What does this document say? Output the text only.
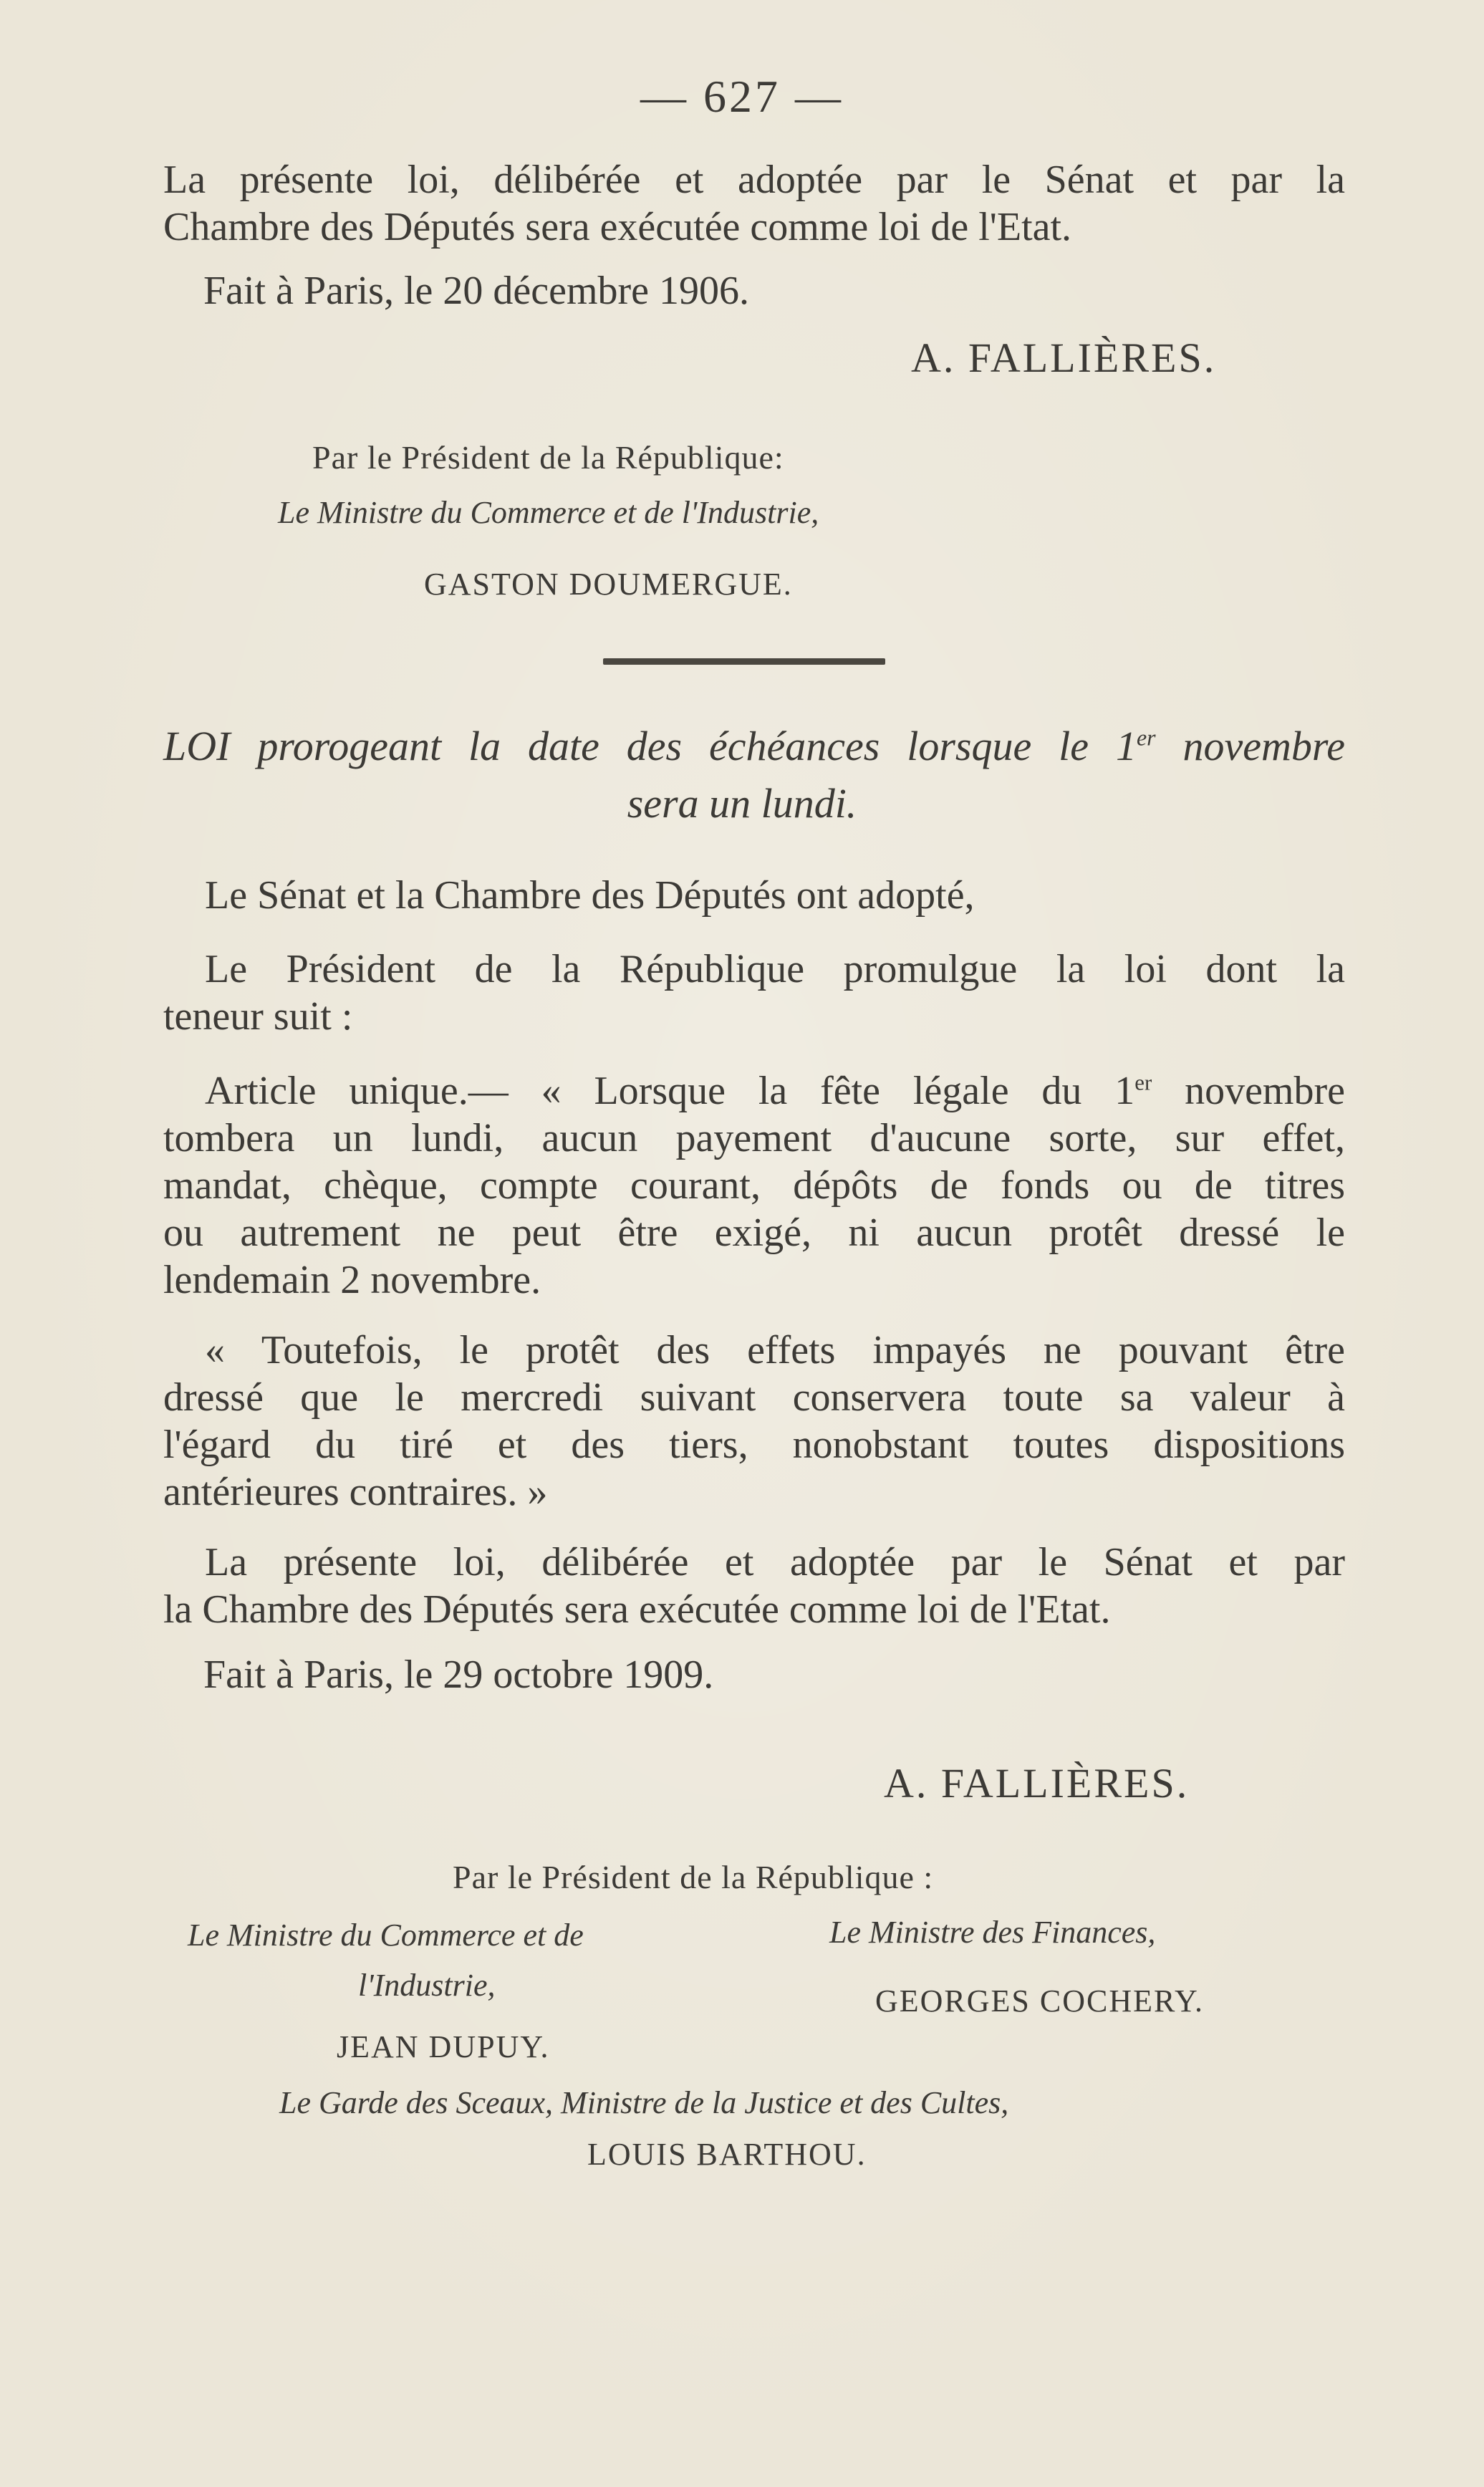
— 627 —
La présente loi, délibérée et adoptée par le Sénat et par la
Chambre des Députés sera exécutée comme loi de l'Etat.
Fait à Paris, le 20 décembre 1906.
A. FALLIÈRES.
Par le Président de la République:
Le Ministre du Commerce et de l'Industrie,
GASTON DOUMERGUE.
LOI prorogeant la date des échéances lorsque le 1er novembre
sera un lundi.
Le Sénat et la Chambre des Députés ont adopté,
Le Président de la République promulgue la loi dont la
teneur suit :
Article unique.— « Lorsque la fête légale du 1er novembre
tombera un lundi, aucun payement d'aucune sorte, sur effet,
mandat, chèque, compte courant, dépôts de fonds ou de titres
ou autrement ne peut être exigé, ni aucun protêt dressé le
lendemain 2 novembre.
« Toutefois, le protêt des effets impayés ne pouvant être
dressé que le mercredi suivant conservera toute sa valeur à
l'égard du tiré et des tiers, nonobstant toutes dispositions
antérieures contraires. »
La présente loi, délibérée et adoptée par le Sénat et par
la Chambre des Députés sera exécutée comme loi de l'Etat.
Fait à Paris, le 29 octobre 1909.
A. FALLIÈRES.
Par le Président de la République :
Le Ministre du Commerce et de
l'Industrie,
JEAN DUPUY.
Le Ministre des Finances,
GEORGES COCHERY.
Le Garde des Sceaux, Ministre de la Justice et des Cultes,
LOUIS BARTHOU.
